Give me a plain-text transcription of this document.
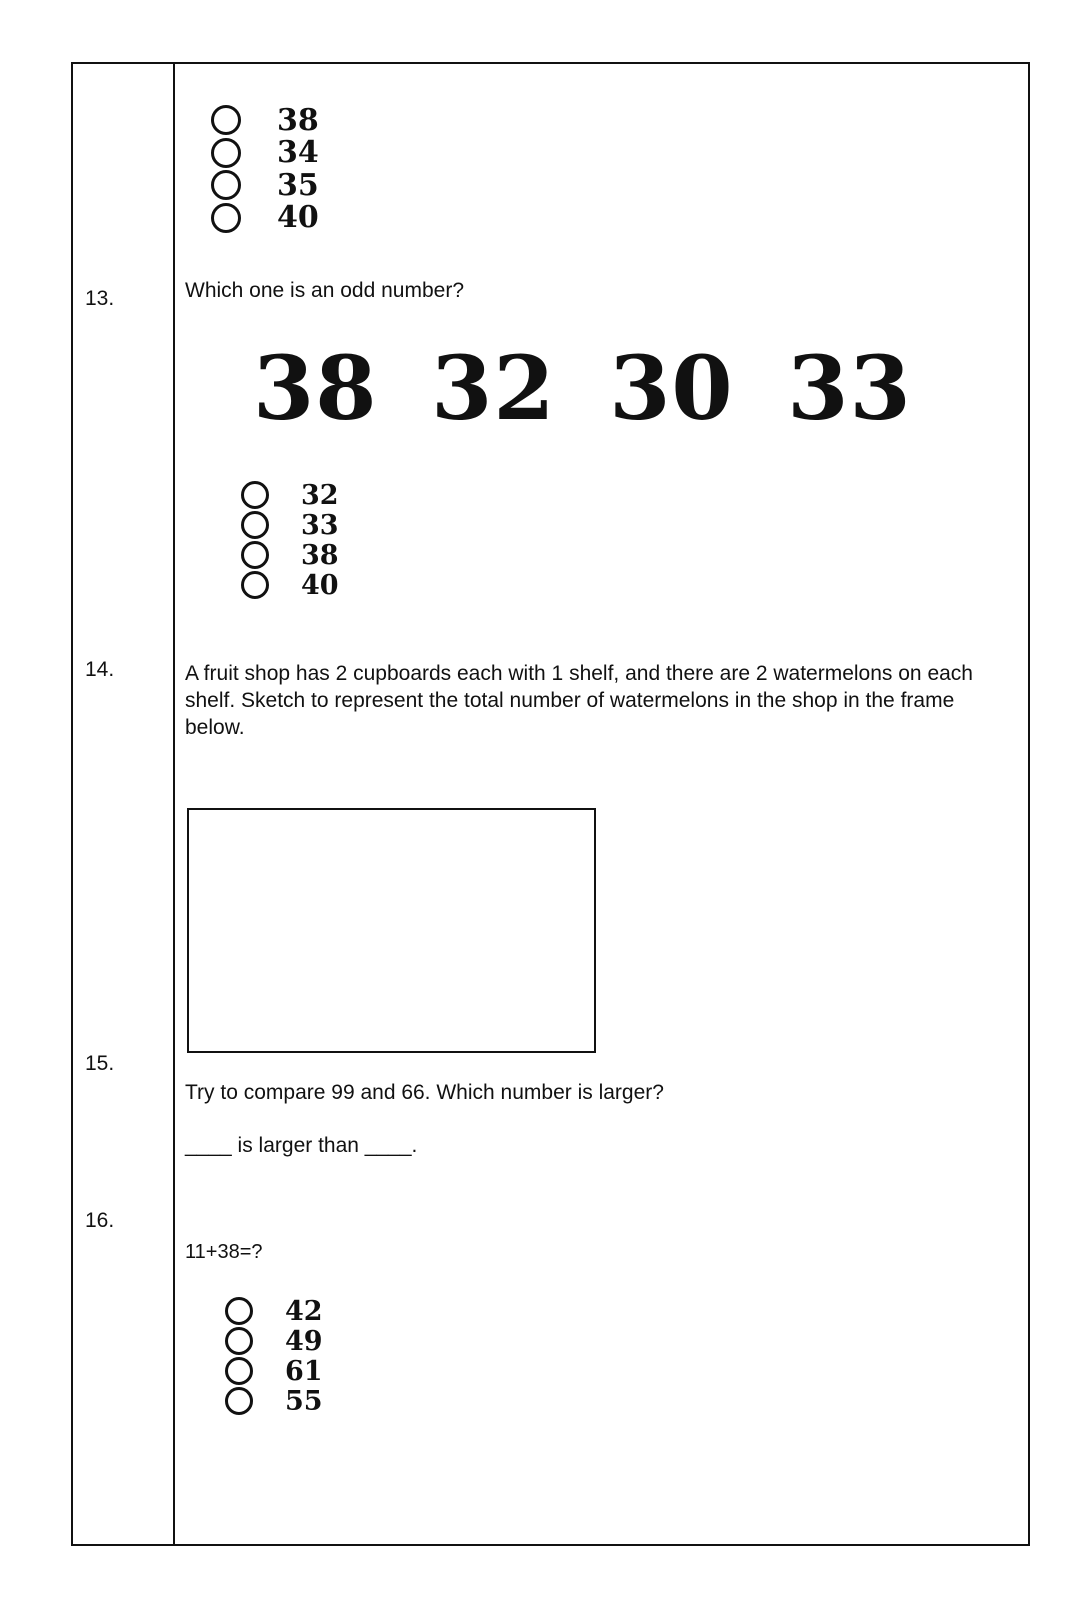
38
34
35
40
13.	Which one is an odd number?
38 32 30 33
32
33
38
40
14.	A fruit shop has 2 cupboards each with 1 shelf, and there are 2 watermelons on each shelf. Sketch to represent the total number of watermelons in the shop in the frame below.
15.
Try to compare 99 and 66. Which number is larger?
____ is larger than ____.
16.
11+38=?
42
49
61
55
